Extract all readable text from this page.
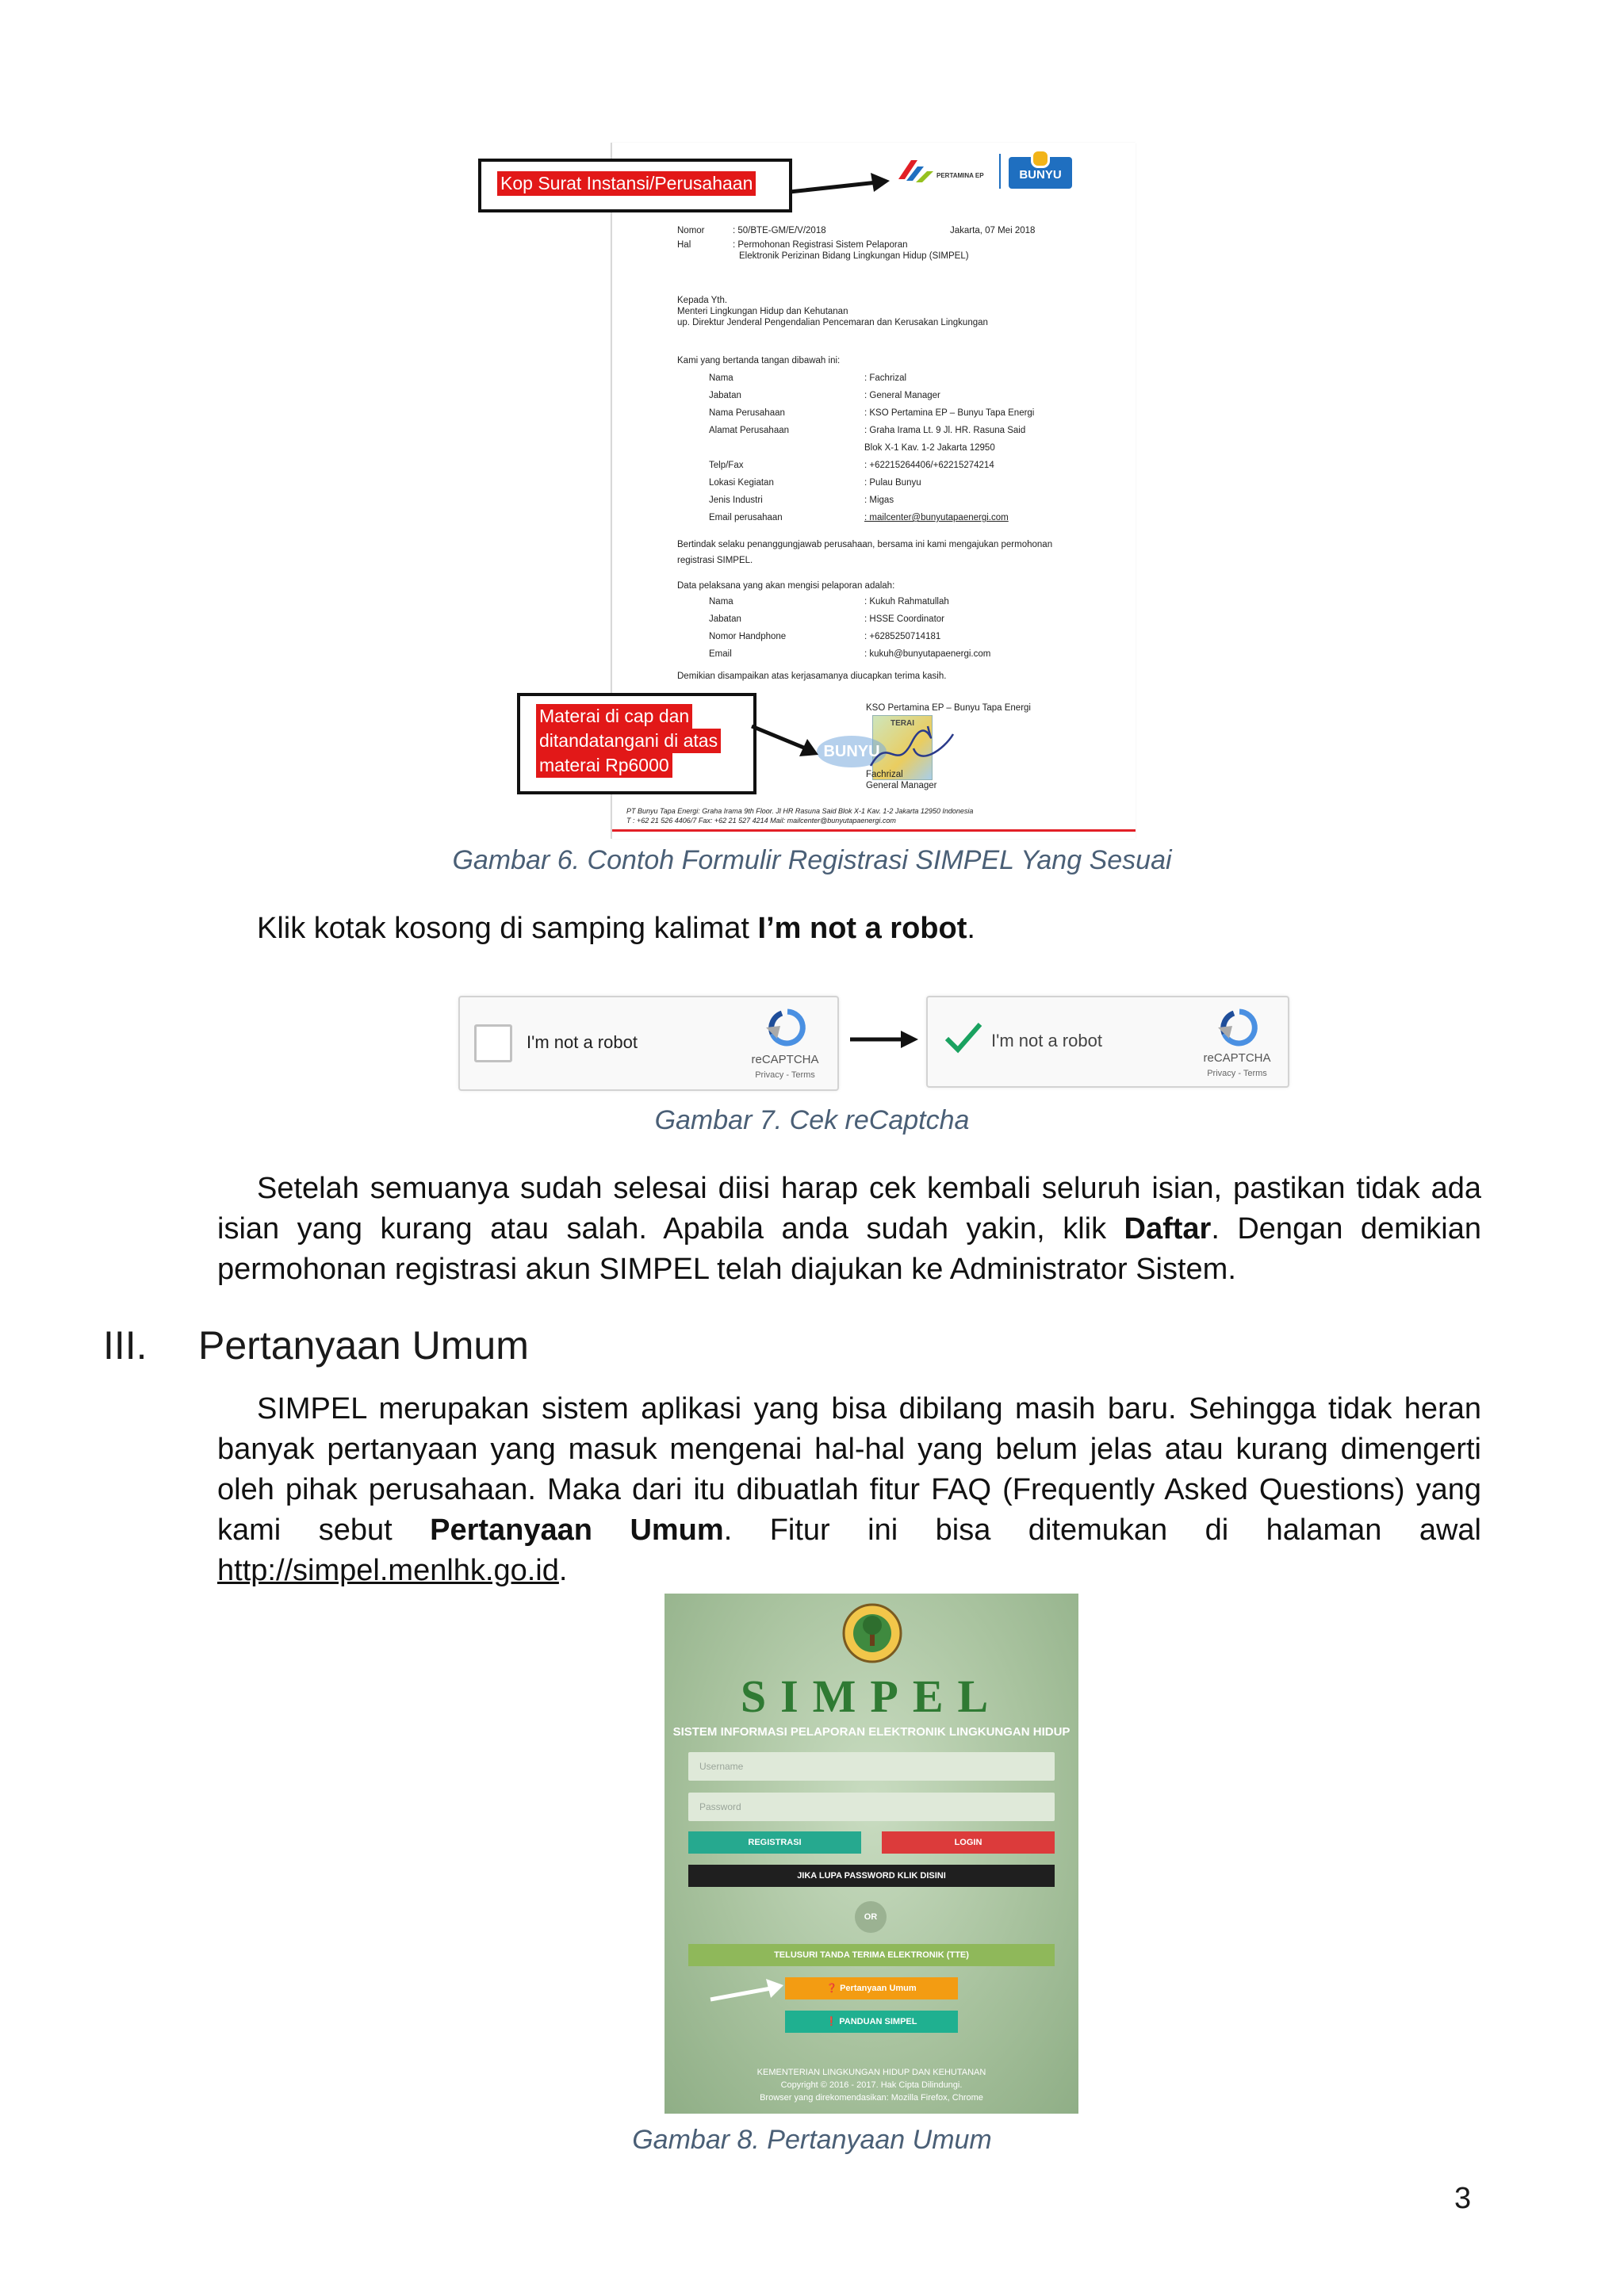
PERTAMINA EP	BUNYU
Nomor	: 50/BTE-GM/E/V/2018	Jakarta, 07 Mei 2018
Hal	: Permohonan Registrasi Sistem Pelaporan
Elektronik Perizinan Bidang Lingkungan Hidup (SIMPEL)
Kepada Yth.
Menteri Lingkungan Hidup dan Kehutanan
up. Direktur Jenderal Pengendalian Pencemaran dan Kerusakan Lingkungan
Kami yang bertanda tangan dibawah ini:
Nama	: Fachrizal
Jabatan	: General Manager
Nama Perusahaan	: KSO Pertamina EP – Bunyu Tapa Energi
Alamat Perusahaan	: Graha Irama Lt. 9 Jl. HR. Rasuna Said
Blok X-1 Kav. 1-2 Jakarta 12950
Telp/Fax	: +62215264406/+62215274214
Lokasi Kegiatan	: Pulau Bunyu
Jenis Industri	: Migas
Email perusahaan	: mailcenter@bunyutapaenergi.com
Bertindak selaku penanggungjawab perusahaan, bersama ini kami mengajukan permohonan
registrasi SIMPEL.
Data pelaksana yang akan mengisi pelaporan adalah:
Nama	: Kukuh Rahmatullah
Jabatan	: HSSE Coordinator
Nomor Handphone	: +6285250714181
Email	: kukuh@bunyutapaenergi.com
Demikian disampaikan atas kerjasamanya diucapkan terima kasih.
KSO Pertamina EP – Bunyu Tapa Energi
TERAI
BUNYU
Fachrizal
General Manager
PT Bunyu Tapa Energi: Graha Irama 9th Floor. Jl HR Rasuna Said Blok X-1 Kav. 1-2 Jakarta 12950 Indonesia
T : +62 21 526 4406/7 Fax: +62 21 527 4214 Mail: mailcenter@bunyutapaenergi.com
Kop Surat Instansi/Perusahaan
Materai di cap dan
ditandatangani di atas
materai Rp6000
Gambar 6. Contoh Formulir Registrasi SIMPEL Yang Sesuai
Klik kotak kosong di samping kalimat I’m not a robot.
I'm not a robot
reCAPTCHA
Privacy - Terms
I'm not a robot
reCAPTCHA
Privacy - Terms
Gambar 7. Cek reCaptcha
Setelah semuanya sudah selesai diisi harap cek kembali seluruh isian, pastikan tidak ada isian yang kurang atau salah. Apabila anda sudah yakin, klik Daftar. Dengan demikian permohonan registrasi akun SIMPEL telah diajukan ke Administrator Sistem.
III. Pertanyaan Umum
SIMPEL merupakan sistem aplikasi yang bisa dibilang masih baru. Sehingga tidak heran banyak pertanyaan yang masuk mengenai hal-hal yang belum jelas atau kurang dimengerti oleh pihak perusahaan. Maka dari itu dibuatlah fitur FAQ (Frequently Asked Questions) yang kami sebut Pertanyaan Umum. Fitur ini bisa ditemukan di halaman awal http://simpel.menlhk.go.id.
SIMPEL
SISTEM INFORMASI PELAPORAN ELEKTRONIK LINGKUNGAN HIDUP
Username
Password
REGISTRASI	LOGIN
JIKA LUPA PASSWORD KLIK DISINI
OR
TELUSURI TANDA TERIMA ELEKTRONIK (TTE)
❓ Pertanyaan Umum
❗ PANDUAN SIMPEL
KEMENTERIAN LINGKUNGAN HIDUP DAN KEHUTANAN
Copyright © 2016 - 2017. Hak Cipta Dilindungi.
Browser yang direkomendasikan: Mozilla Firefox, Chrome
Gambar 8. Pertanyaan Umum
3
